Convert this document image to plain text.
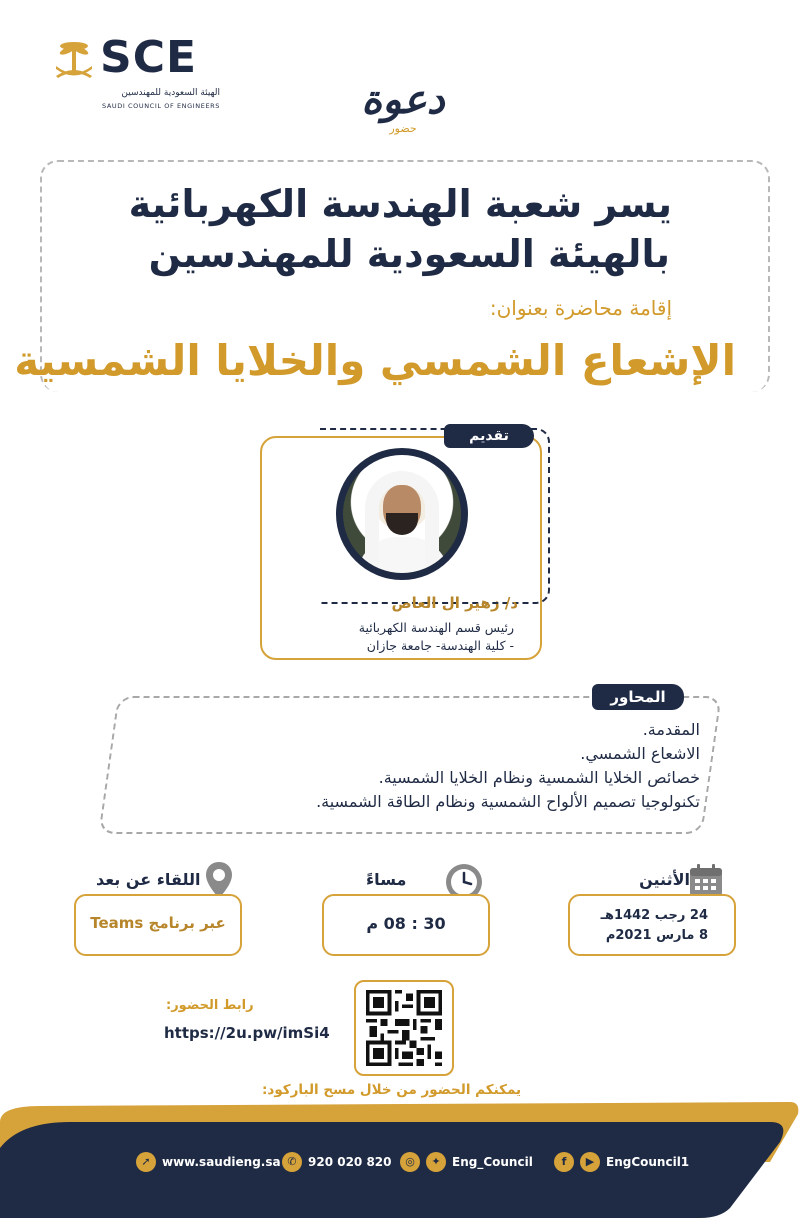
SCE
الهيئة السعودية للمهندسين
SAUDI COUNCIL OF ENGINEERS	دعوة
حضور
يسر شعبة الهندسة الكهربائية
بالهيئة السعودية للمهندسين
إقامة محاضرة بعنوان:
الإشعاع الشمسي والخلايا الشمسية
تقديم
د/ زهير ال العاص
رئيس قسم الهندسة الكهربائية
- كلية الهندسة- جامعة جازان
المحاور
المقدمة.
الاشعاع الشمسي.
خصائص الخلايا الشمسية ونظام الخلايا الشمسية.
تكنولوجيا تصميم الألواح الشمسية ونظام الطاقة الشمسية.
الأثنين
24 رجب 1442هـ
8 مارس 2021م
مساءً
30 : 08 م
اللقاء عن بعد
عبر برنامج Teams
رابط الحضور:
https://2u.pw/imSi4
يمكنكم الحضور من خلال مسح الباركود:
➚ www.saudieng.sa ✆ 920 020 820	◎	✦ Eng_Council	f	▶ EngCouncil1
